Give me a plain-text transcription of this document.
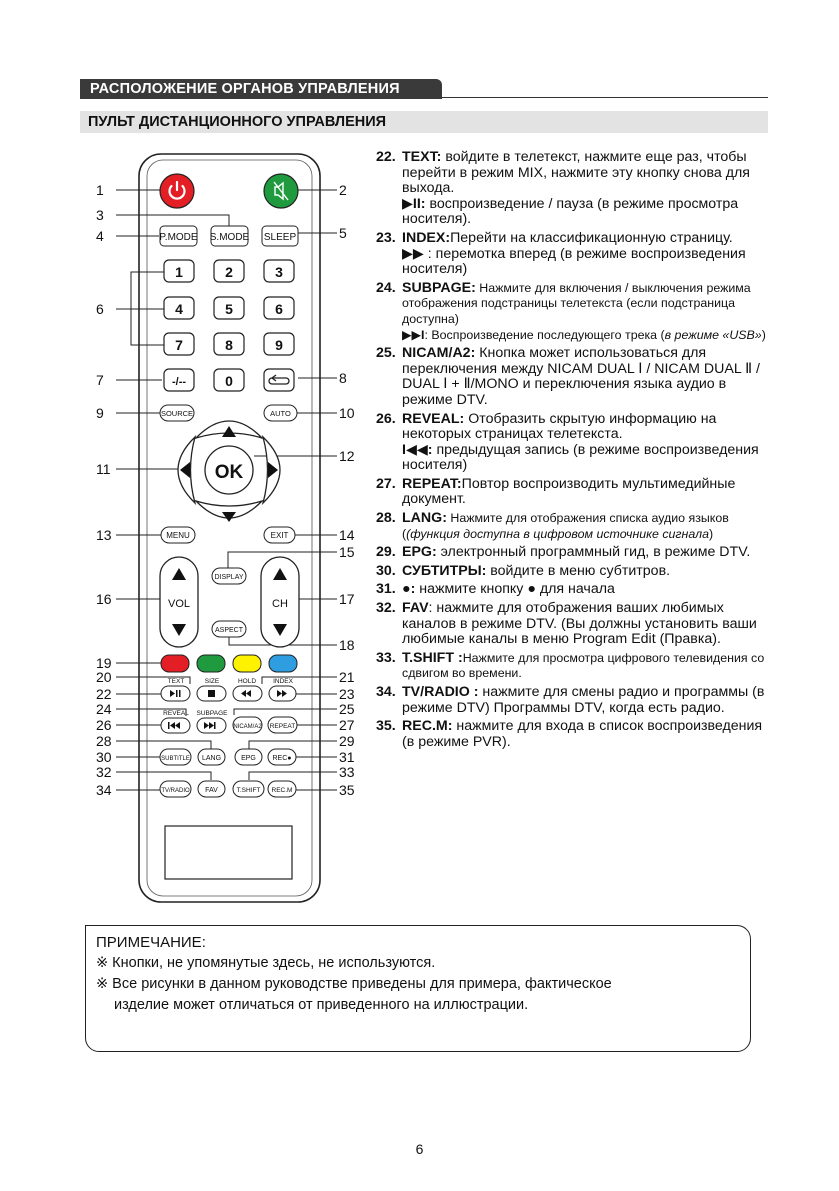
РАСПОЛОЖЕНИЕ ОРГАНОВ УПРАВЛЕНИЯ
ПУЛЬТ ДИСТАНЦИОННОГО УПРАВЛЕНИЯ
1	2
3
4	5
6
7	8
9	10
11
12
13	14
15
16	17
18
19
20	21
22	23
24	25
26	27
28	29
30	31
32	33
34	35
P.MODE S.MODE SLEEP
1	2	3
4	5	6
7	8	9
-/--	0
SOURCE	AUTO
OK
MENU	EXIT
DISPLAY
ASPECT
VOL	CH
TEXT	SIZE	HOLD	INDEX
REVEAL SUBPAGE
NICAM/A2 REPEAT
SUBTITLE LANG	EPG REC●
TV/RADIO FAV	T.SHIFT REC.M
22. TEXT: войдите в телетекст, нажмите еще раз, чтобы перейти в режим MIX, нажмите эту кнопку снова для выхода.
▶II: воспроизведение / пауза (в режиме просмотра носителя).
23. INDEX:Перейти на классификационную страницу.
▶▶ : перемотка вперед (в режиме воспроизведения носителя)
24. SUBPAGE: Нажмите для включения / выключения режима отображения подстраницы телетекста (если подстраница доступна)
▶▶I: Воспроизведение последующего трека (в режиме «USB»)
25. NICAM/A2: Кнопка может использоваться для переключения между NICAM DUAL Ⅰ / NICAM DUAL Ⅱ / DUAL Ⅰ + Ⅱ/MONO и переключения языка аудио в режиме DTV.
26. REVEAL: Отобразить скрытую информацию на некоторых страницах телетекста.
I◀◀: предыдущая запись (в режиме воспроизведения носителя)
27. REPEAT:Повтор воспроизводить мультимедийные документ.
28. LANG: Нажмите для отображения списка аудио языков ((функция доступна в цифровом источнике сигнала)
29. EPG: электронный программный гид, в режиме DTV.
30. СУБТИТРЫ: войдите в меню субтитров.
31. ●: нажмите кнопку ● для начала
32. FAV: нажмите для отображения ваших любимых каналов в режиме DTV. (Вы должны установить ваши любимые каналы в меню Program Edit (Правка).
33. T.SHIFT :Нажмите для просмотра цифрового телевидения со сдвигом во времени.
34. TV/RADIO : нажмите для смены радио и программы (в режиме DTV) Программы DTV, когда есть радио.
35. REC.M: нажмите для входа в список воспроизведения (в режиме PVR).
ПРИМЕЧАНИЕ:
※ Кнопки, не упомянутые здесь, не используются.
※ Все рисунки в данном руководстве приведены для примера, фактическое
изделие может отличаться от приведенного на иллюстрации.
6
